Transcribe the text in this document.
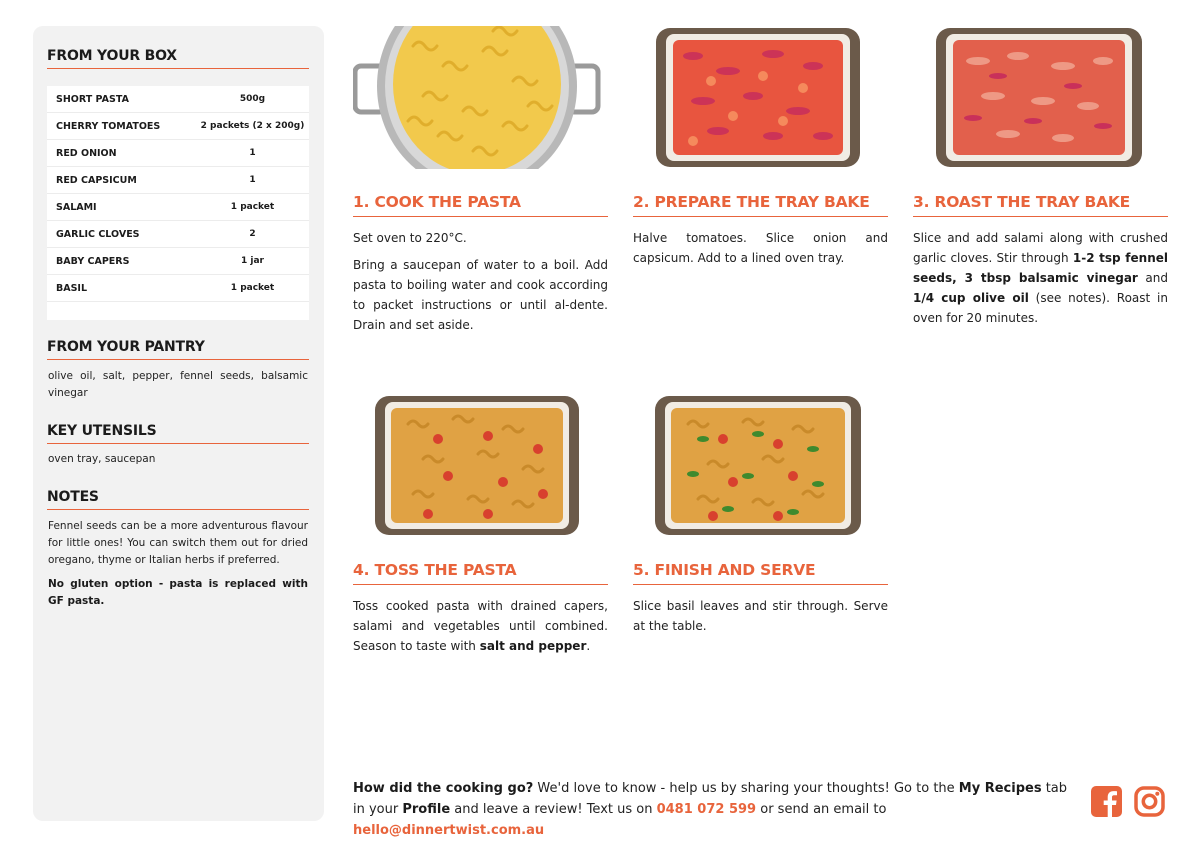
FROM YOUR BOX
SHORT PASTA	500g
CHERRY TOMATOES	2 packets (2 x 200g)
RED ONION	1
RED CAPSICUM	1
SALAMI	1 packet
GARLIC CLOVES	2
BABY CAPERS	1 jar
BASIL	1 packet
FROM YOUR PANTRY

olive oil, salt, pepper, fennel seeds, balsamic vinegar

KEY UTENSILS

oven tray, saucepan

NOTES

Fennel seeds can be a more adventurous flavour for little ones! You can switch them out for dried oregano, thyme or Italian herbs if preferred.

No gluten option - pasta is replaced with GF pasta.

1. COOK THE PASTA

Set oven to 220°C.

Bring a saucepan of water to a boil. Add pasta to boiling water and cook according to packet instructions or until al-dente. Drain and set aside.

2. PREPARE THE TRAY BAKE

Halve tomatoes. Slice onion and capsicum. Add to a lined oven tray.

3. ROAST THE TRAY BAKE

Slice and add salami along with crushed garlic cloves. Stir through 1-2 tsp fennel seeds, 3 tbsp balsamic vinegar and 1/4 cup olive oil (see notes). Roast in oven for 20 minutes.

4. TOSS THE PASTA

Toss cooked pasta with drained capers, salami and vegetables until combined. Season to taste with salt and pepper.

5. FINISH AND SERVE

Slice basil leaves and stir through. Serve at the table.

How did the cooking go? We'd love to know - help us by sharing your thoughts! Go to the My Recipes tab in your Profile and leave a review! Text us on 0481 072 599 or send an email to hello@dinnertwist.com.au
